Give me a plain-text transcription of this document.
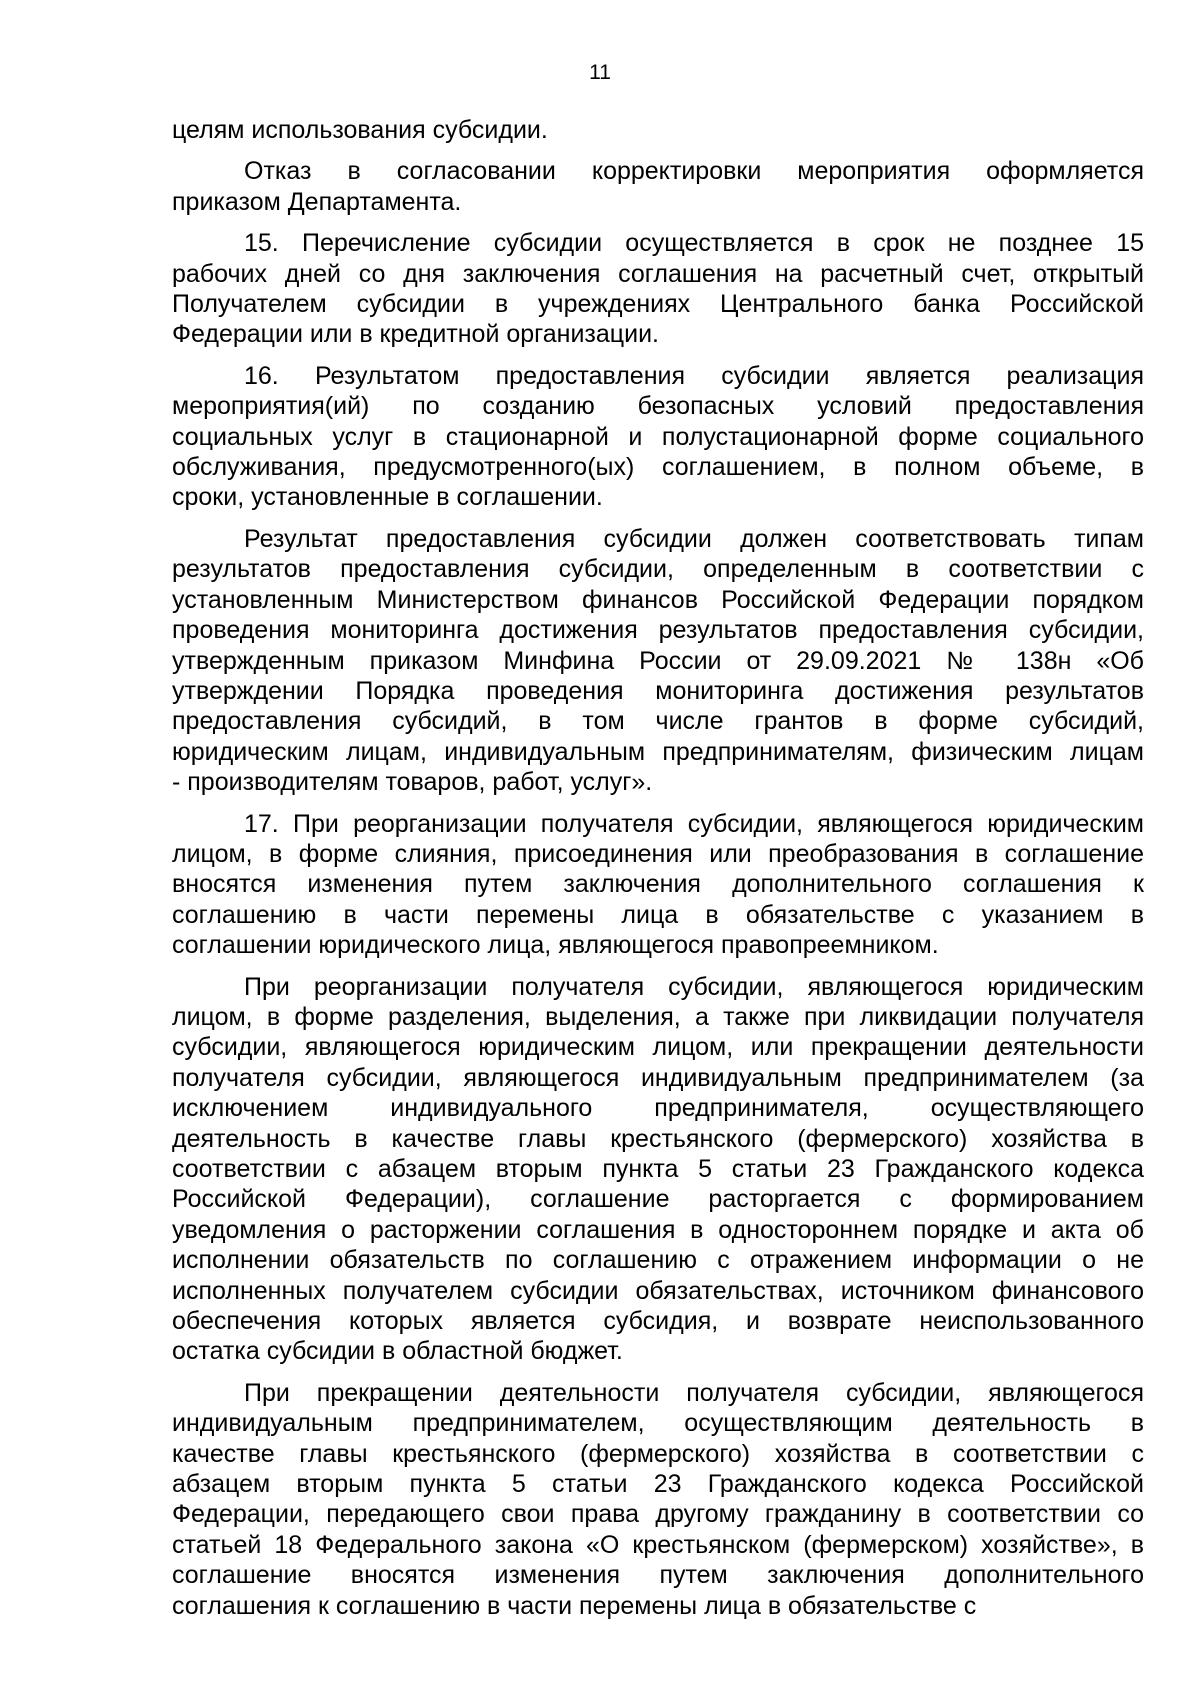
11
целям использования субсидии.
Отказ в согласовании корректировки мероприятия оформляется
приказом Департамента.
15. Перечисление субсидии осуществляется в срок не позднее 15
рабочих дней со дня заключения соглашения на расчетный счет, открытый
Получателем субсидии в учреждениях Центрального банка Российской
Федерации или в кредитной организации.
16. Результатом предоставления субсидии является реализация
мероприятия(ий) по созданию безопасных условий предоставления
социальных услуг в стационарной и полустационарной форме социального
обслуживания, предусмотренного(ых) соглашением, в полном объеме, в
сроки, установленные в соглашении.
Результат предоставления субсидии должен соответствовать типам
результатов предоставления субсидии, определенным в соответствии с
установленным Министерством финансов Российской Федерации порядком
проведения мониторинга достижения результатов предоставления субсидии,
утвержденным приказом Минфина России от 29.09.2021 № 138н «Об
утверждении Порядка проведения мониторинга достижения результатов
предоставления субсидий, в том числе грантов в форме субсидий,
юридическим лицам, индивидуальным предпринимателям, физическим лицам
- производителям товаров, работ, услуг».
17. При реорганизации получателя субсидии, являющегося юридическим
лицом, в форме слияния, присоединения или преобразования в соглашение
вносятся изменения путем заключения дополнительного соглашения к
соглашению в части перемены лица в обязательстве с указанием в
соглашении юридического лица, являющегося правопреемником.
При реорганизации получателя субсидии, являющегося юридическим
лицом, в форме разделения, выделения, а также при ликвидации получателя
субсидии, являющегося юридическим лицом, или прекращении деятельности
получателя субсидии, являющегося индивидуальным предпринимателем (за
исключением индивидуального предпринимателя, осуществляющего
деятельность в качестве главы крестьянского (фермерского) хозяйства в
соответствии с абзацем вторым пункта 5 статьи 23 Гражданского кодекса
Российской Федерации), соглашение расторгается с формированием
уведомления о расторжении соглашения в одностороннем порядке и акта об
исполнении обязательств по соглашению с отражением информации о не
исполненных получателем субсидии обязательствах, источником финансового
обеспечения которых является субсидия, и возврате неиспользованного
остатка субсидии в областной бюджет.
При прекращении деятельности получателя субсидии, являющегося
индивидуальным предпринимателем, осуществляющим деятельность в
качестве главы крестьянского (фермерского) хозяйства в соответствии с
абзацем вторым пункта 5 статьи 23 Гражданского кодекса Российской
Федерации, передающего свои права другому гражданину в соответствии со
статьей 18 Федерального закона «О крестьянском (фермерском) хозяйстве», в
соглашение вносятся изменения путем заключения дополнительного
соглашения к соглашению в части перемены лица в обязательстве с
